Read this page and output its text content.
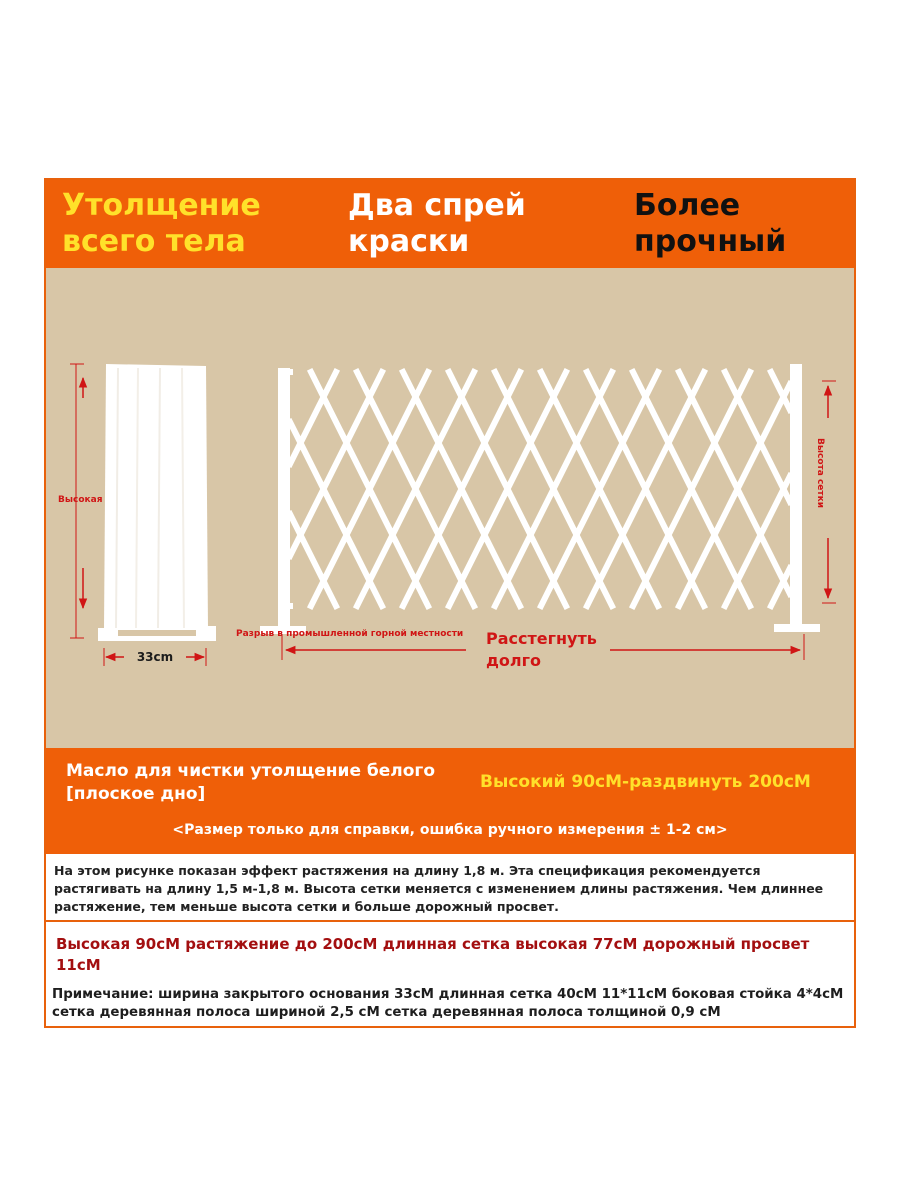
Утолщение всего тела

Два спрей краски

Более прочный

Высокая
33cm
Высота сетки
Разрыв в промышленной горной местности Расстегнуть
долго

Масло для чистки утолщение белого [плоское дно]

Высокий 90cM-раздвинуть 200cM

<Размер только для справки, ошибка ручного измерения ± 1-2 см>

На этом рисунке показан эффект растяжения на длину 1,8 м. Эта спецификация рекомендуется растягивать на длину 1,5 м-1,8 м. Высота сетки меняется с изменением длины растяжения. Чем длиннее растяжение, тем меньше высота сетки и больше дорожный просвет.

Высокая 90cM растяжение до 200cM длинная сетка высокая 77cM дорожный просвет 11cM

Примечание: ширина закрытого основания 33cM длинная сетка 40cM 11*11cM боковая стойка 4*4cM сетка деревянная полоса шириной 2,5 cM сетка деревянная полоса толщиной 0,9 cM
